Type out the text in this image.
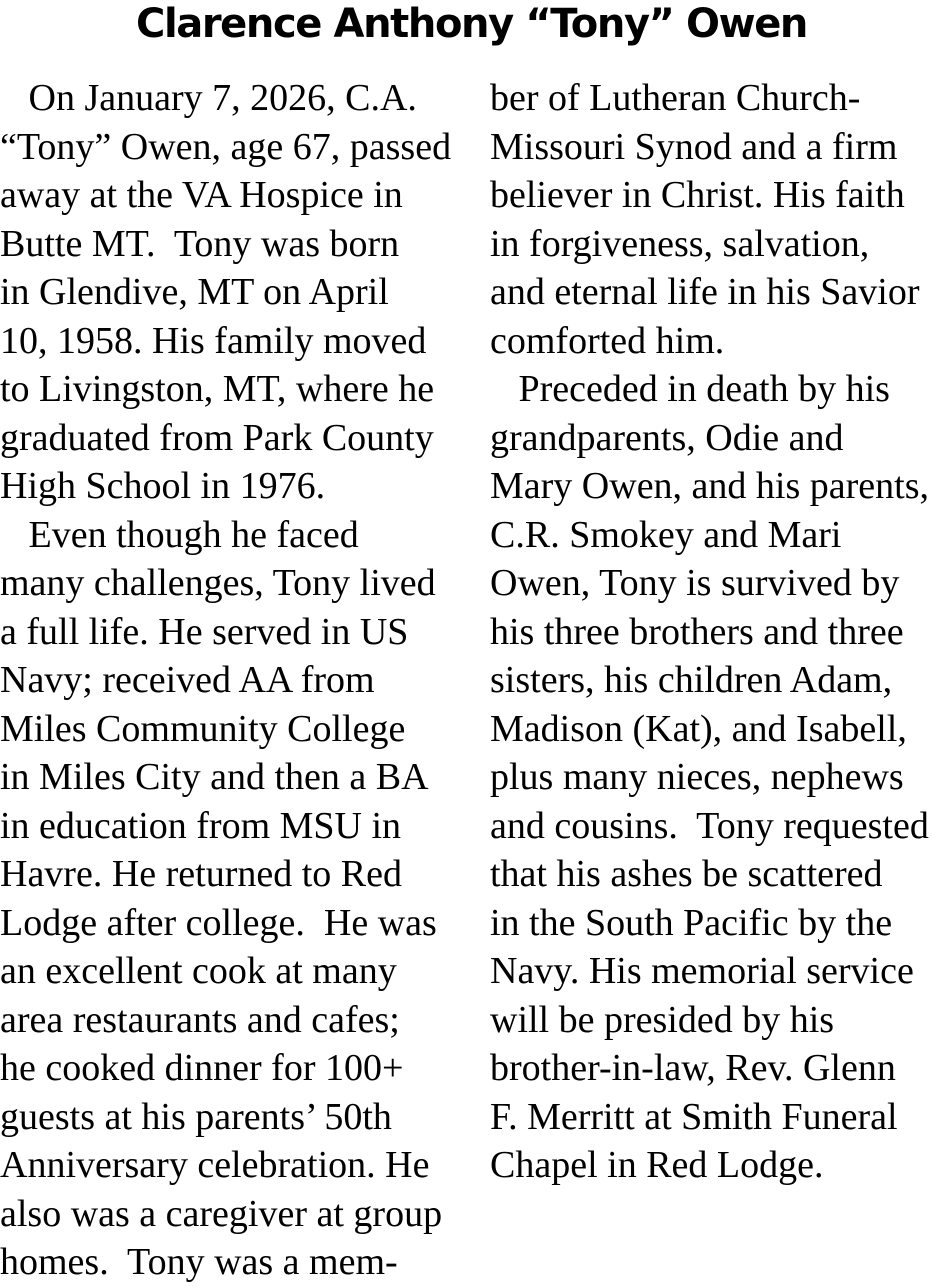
Clarence Anthony “Tony” Owen
On January 7, 2026, C.A.
“Tony” Owen, age 67, passed
away at the VA Hospice in
Butte MT.  Tony was born
in Glendive, MT on April
10, 1958. His family moved
to Livingston, MT, where he
graduated from Park County
High School in 1976.
Even though he faced
many challenges, Tony lived
a full life. He served in US
Navy; received AA from
Miles Community College
in Miles City and then a BA
in education from MSU in
Havre. He returned to Red
Lodge after college.  He was
an excellent cook at many
area restaurants and cafes;
he cooked dinner for 100+
guests at his parents’ 50th
Anniversary celebration. He
also was a caregiver at group
homes.  Tony was a mem-
ber of Lutheran Church-
Missouri Synod and a firm
believer in Christ. His faith
in forgiveness, salvation,
and eternal life in his Savior
comforted him.
Preceded in death by his
grandparents, Odie and
Mary Owen, and his parents,
C.R. Smokey and Mari
Owen, Tony is survived by
his three brothers and three
sisters, his children Adam,
Madison (Kat), and Isabell,
plus many nieces, nephews
and cousins.  Tony requested
that his ashes be scattered
in the South Pacific by the
Navy. His memorial service
will be presided by his
brother-in-law, Rev. Glenn
F. Merritt at Smith Funeral
Chapel in Red Lodge.
